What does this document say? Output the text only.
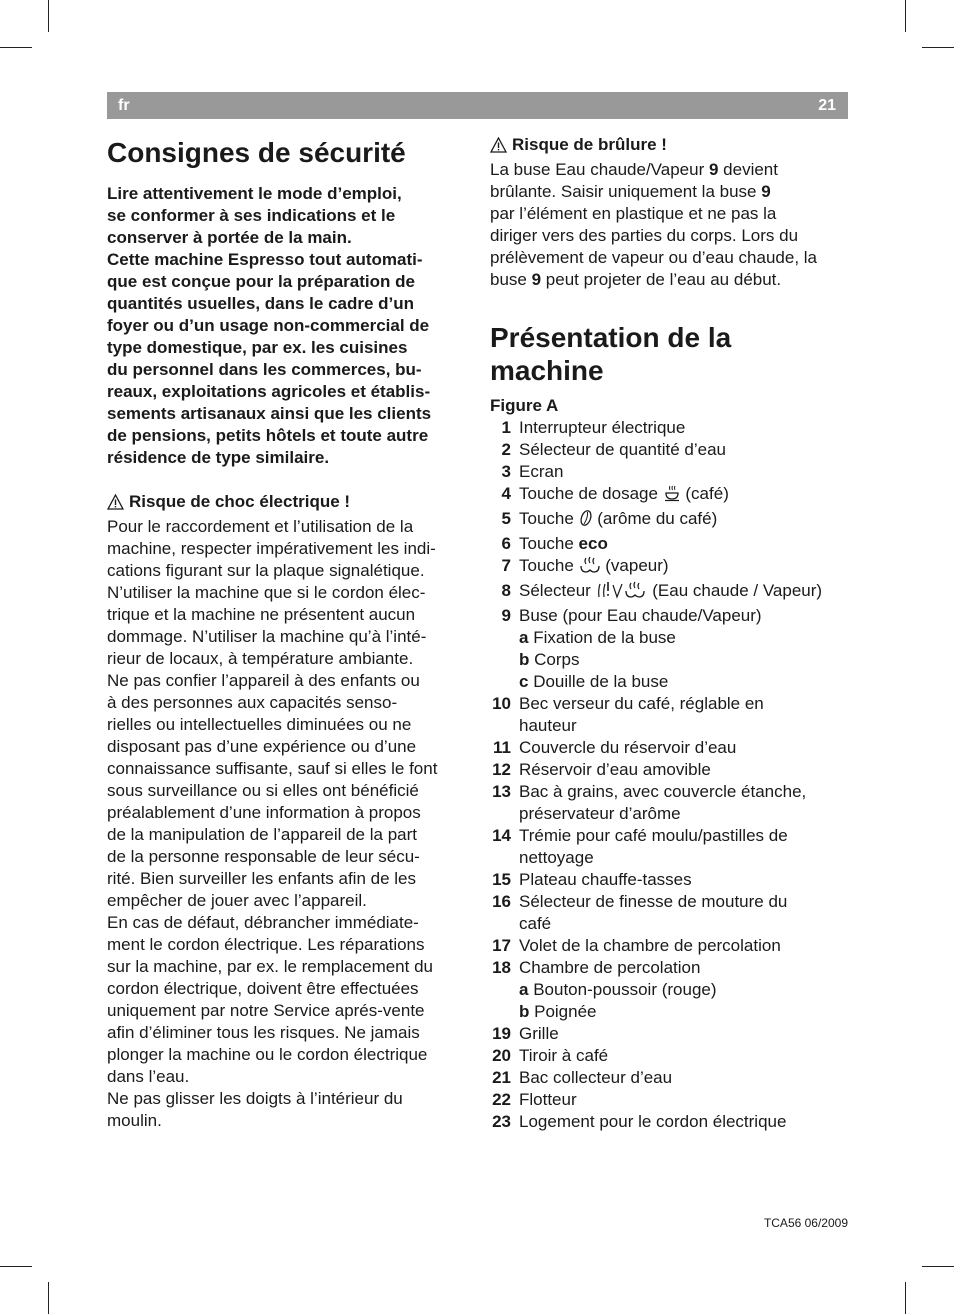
fr	21
Consignes de sécurité
Lire attentivement le mode d’emploi,
se conformer à ses indications et le
conserver à portée de la main.
Cette machine Espresso tout automati-
que est conçue pour la préparation de
quantités usuelles, dans le cadre d’un
foyer ou d’un usage non-commercial de
type domestique, par ex. les cuisines
du personnel dans les commerces, bu-
reaux, exploitations agricoles et établis-
sements artisanaux ainsi que les clients
de pensions, petits hôtels et toute autre
résidence de type similaire.
Risque de choc électrique !
Pour le raccordement et l’utilisation de la
machine, respecter impérativement les indi-
cations figurant sur la plaque signalétique.
N’utiliser la machine que si le cordon élec-
trique et la machine ne présentent aucun
dommage. N’utiliser la machine qu’à l’inté-
rieur de locaux, à température ambiante.
Ne pas confier l’appareil à des enfants ou
à des personnes aux capacités senso-
rielles ou intellectuelles diminuées ou ne
disposant pas d’une expérience ou d’une
connaissance suffisante, sauf si elles le font
sous surveillance ou si elles ont bénéficié
préalablement d’une information à propos
de la manipulation de l’appareil de la part
de la personne responsable de leur sécu-
rité. Bien surveiller les enfants afin de les
empêcher de jouer avec l’appareil.
En cas de défaut, débrancher immédiate-
ment le cordon électrique. Les réparations
sur la machine, par ex. le remplacement du
cordon électrique, doivent être effectuées
uniquement par notre Service aprés-vente
afin d’éliminer tous les risques. Ne jamais
plonger la machine ou le cordon électrique
dans l’eau.
Ne pas glisser les doigts à l’intérieur du
moulin.
Risque de brûlure !
La buse Eau chaude/Vapeur 9 devient
brûlante. Saisir uniquement la buse 9
par l’élément en plastique et ne pas la
diriger vers des parties du corps. Lors du
prélèvement de vapeur ou d’eau chaude, la
buse 9 peut projeter de l’eau au début.
Présentation de la
machine
Figure A
1 Interrupteur électrique
2 Sélecteur de quantité d’eau
3 Ecran
4 Touche de dosage  (café)
5 Touche  (arôme du café)
6 Touche eco
7 Touche  (vapeur)
8 Sélecteur	(Eau chaude / Vapeur)
9 Buse (pour Eau chaude/Vapeur)
a Fixation de la buse
b Corps
c Douille de la buse
10 Bec verseur du café, réglable en
hauteur
11 Couvercle du réservoir d’eau
12 Réservoir d’eau amovible
13 Bac à grains, avec couvercle étanche,
préservateur d’arôme
14 Trémie pour café moulu/pastilles de
nettoyage
15 Plateau chauffe-tasses
16 Sélecteur de finesse de mouture du
café
17 Volet de la chambre de percolation
18 Chambre de percolation
a Bouton-poussoir (rouge)
b Poignée
19 Grille
20 Tiroir à café
21 Bac collecteur d’eau
22 Flotteur
23 Logement pour le cordon électrique
TCA56 06/2009
